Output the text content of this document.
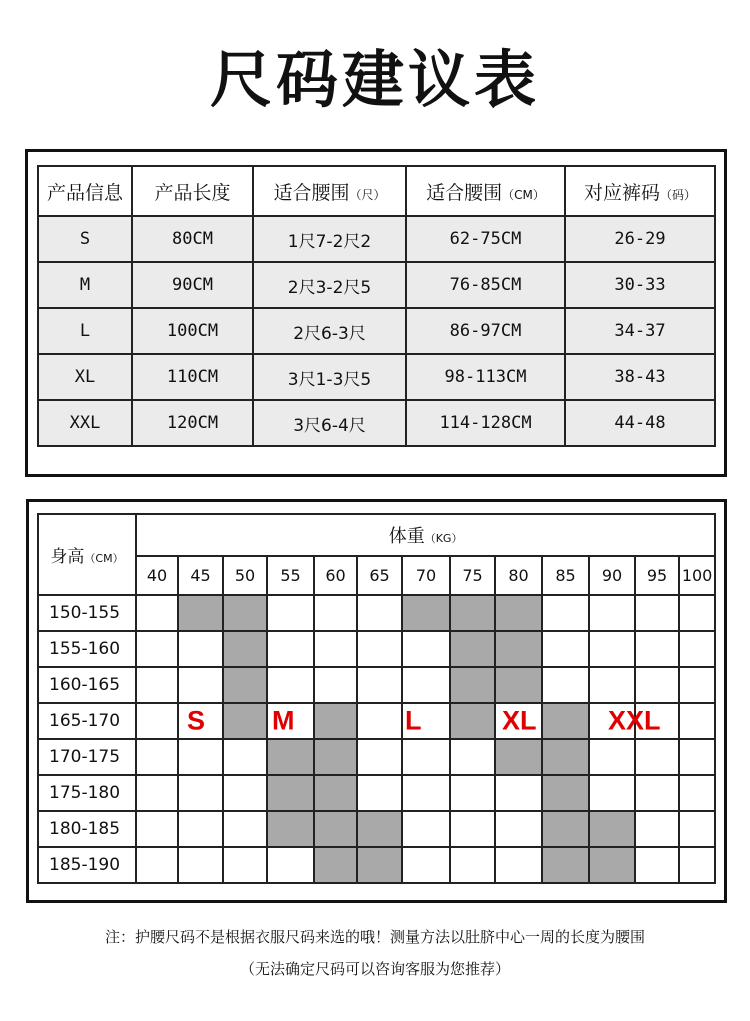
尺码建议表
产品信息	产品长度	适合腰围（尺）	适合腰围（CM）	对应裤码（码）
S	80CM	1尺7-2尺2	62-75CM	26-29
M	90CM	2尺3-2尺5	76-85CM	30-33
L	100CM	2尺6-3尺	86-97CM	34-37
XL	110CM	3尺1-3尺5	98-113CM	38-43
XXL	120CM	3尺6-4尺	114-128CM	44-48
身高（CM）	体重（KG）												
	40	45	50	55	60	65	70	75	80	85	90	95	100
150-155													
155-160													
160-165													
165-170		S		M			L		XL		XXL		

170-175													
175-180													
180-185													
185-190													
注：护腰尺码不是根据衣服尺码来选的哦！测量方法以肚脐中心一周的长度为腰围
（无法确定尺码可以咨询客服为您推荐）
